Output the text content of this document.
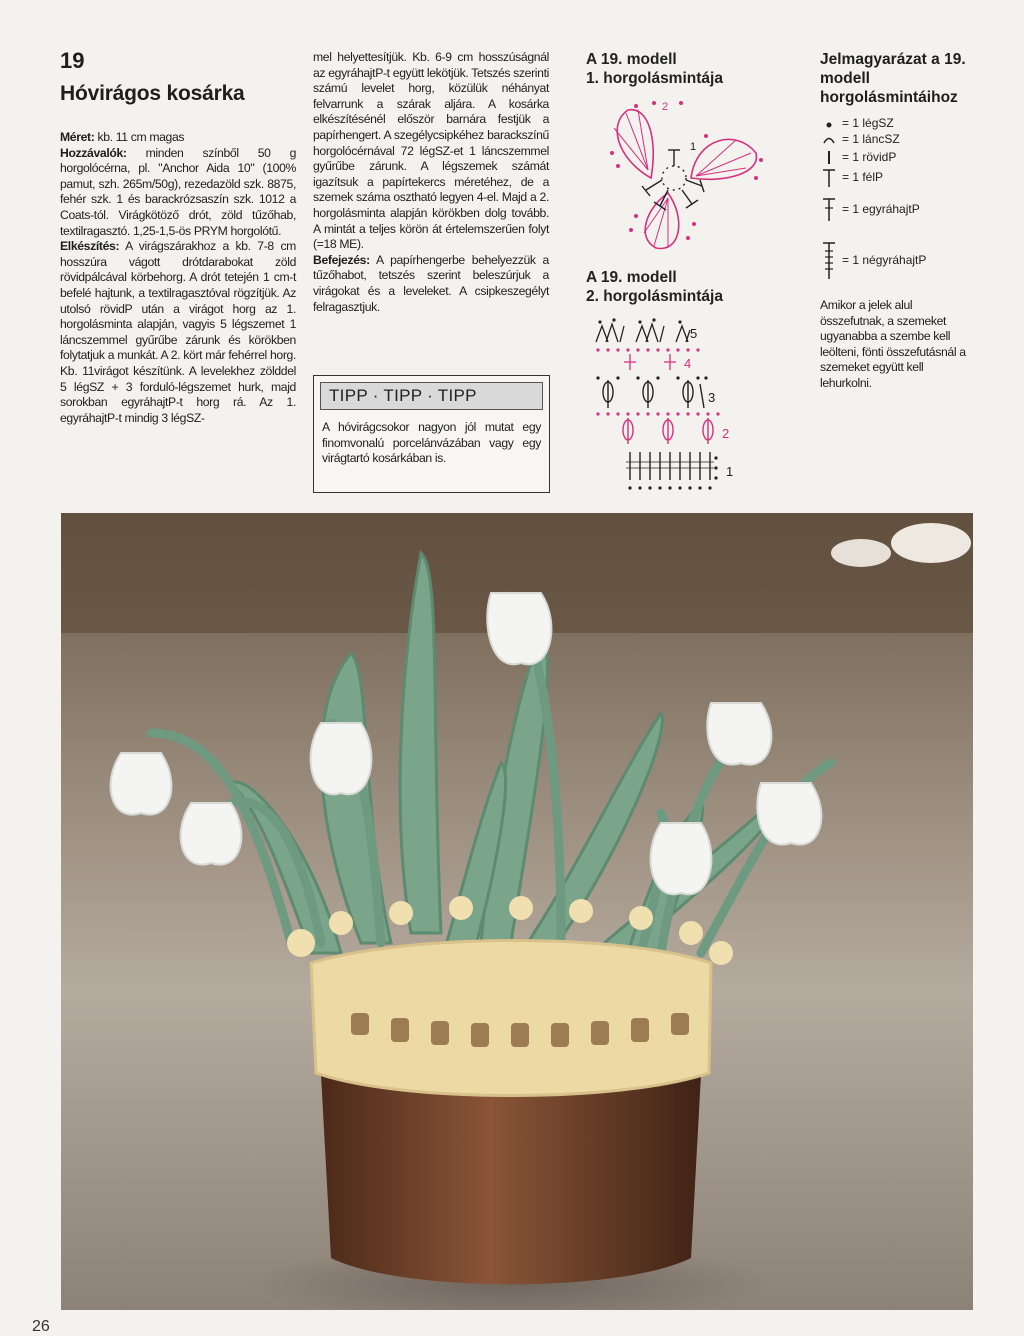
19

Hóvirágos kosárka

Méret: kb. 11 cm magas
Hozzávalók: minden színből 50 g horgolócérna, pl. "Anchor Aida 10" (100% pamut, szh. 265m/50g), rezedazöld szk. 8875, fehér szk. 1 és barackrózsaszín szk. 1012 a Coats-tól. Virágkötöző drót, zöld tűzőhab, textilragasztó. 1,25-1,5-ös PRYM horgolótű.
Elkészítés: A virágszárakhoz a kb. 7-8 cm hosszúra vágott drótdarabokat zöld rövidpálcával körbehorg. A drót tetején 1 cm-t befelé hajtunk, a textilragasztóval rögzítjük. Az utolsó rövidP után a virágot horg az 1. horgolásminta alapján, vagyis 5 légszemet 1 láncszemmel gyűrűbe zárunk és körökben folytatjuk a munkát. A 2. kört már fehérrel horg. Kb. 11virágot készítünk. A levelekhez zölddel 5 légSZ + 3 forduló-légszemet hurk, majd sorokban egyráhajtP-t horg rá. Az 1. egyráhajtP-t mindig 3 légSZ-

mel helyettesítjük. Kb. 6-9 cm hosszúságnál az egyráhajtP-t együtt lekötjük. Tetszés szerinti számú levelet horg, közülük néhányat felvarrunk a szárak aljára. A kosárka elkészítésénél először barnára festjük a papírhengert. A szegélycsipkéhez barackszínű horgolócérnával 72 légSZ-et 1 láncszemmel gyűrűbe zárunk. A légszemek számát igazítsuk a papírtekercs méretéhez, de a szemek száma osztható legyen 4-el. Majd a 2. horgolásminta alapján körökben dolg tovább. A mintát a teljes körön át értelemszerűen folyt (=18 ME).
Befejezés: A papírhengerbe behelyezzük a tűzőhabot, tetszés szerint beleszúrjuk a virágokat és a leveleket. A csipkeszegélyt felragasztjuk.

TIPP · TIPP · TIPP
A hóvirágcsokor nagyon jól mutat egy finomvonalú porcelánvázában vagy egy virágtartó kosárkában is.

A 19. modell

1. horgolásmintája

1
2

A 19. modell

2. horgolásmintája

5
4
3
2
1

Jelmagyarázat a 19. modell horgolásmintáihoz

= 1 légSZ
= 1 láncSZ
= 1 rövidP
= 1 félP
= 1 egyráhajtP
= 1 négyráhajtP

Amikor a jelek alul összefutnak, a szemeket ugyanabba a szembe kell leölteni, fönti összefutásnál a szemeket együtt kell lehurkolni.

26
